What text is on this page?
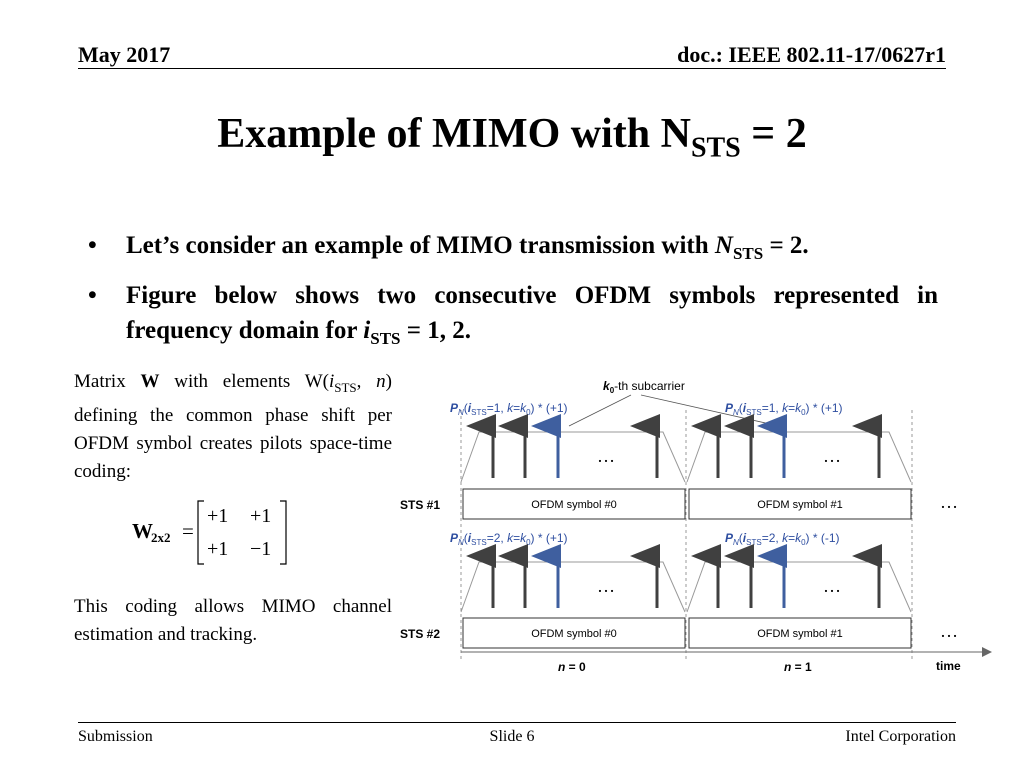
May 2017	doc.: IEEE 802.11-17/0627r1
Example of MIMO with $N_{STS} = 2$
• Let’s consider an example of MIMO transmission with $N_{STS} = 2$.
• Figure below shows two consecutive OFDM symbols represented in frequency domain for $i_{STS} = 1$, 2.
Matrix W with elements $W(i_{STS}$, n) defining the common phase shift per OFDM symbol creates pilots space-time coding:
W
2x2 =
+1 +1
+1 −1
This coding allows MIMO channel estimation and tracking.
$k_0-th$ subcarrier
$P_N(i_{STS}=1$, $k=k_0) * (+1)$	$P_N(i_{STS}=1$, $k=k_0) * (+1)$
…	…
STS #1	OFDM symbol #0	OFDM symbol #1	…
$P_N(i_{STS}=2$, $k=k_0) * (+1)$	$P_N(i_{STS}=2$, $k=k_0) * (-1)$
…	…
STS #2	OFDM symbol #0	OFDM symbol #1	…
n = 0	n = 1	time
Submission	Slide 6	Intel Corporation
